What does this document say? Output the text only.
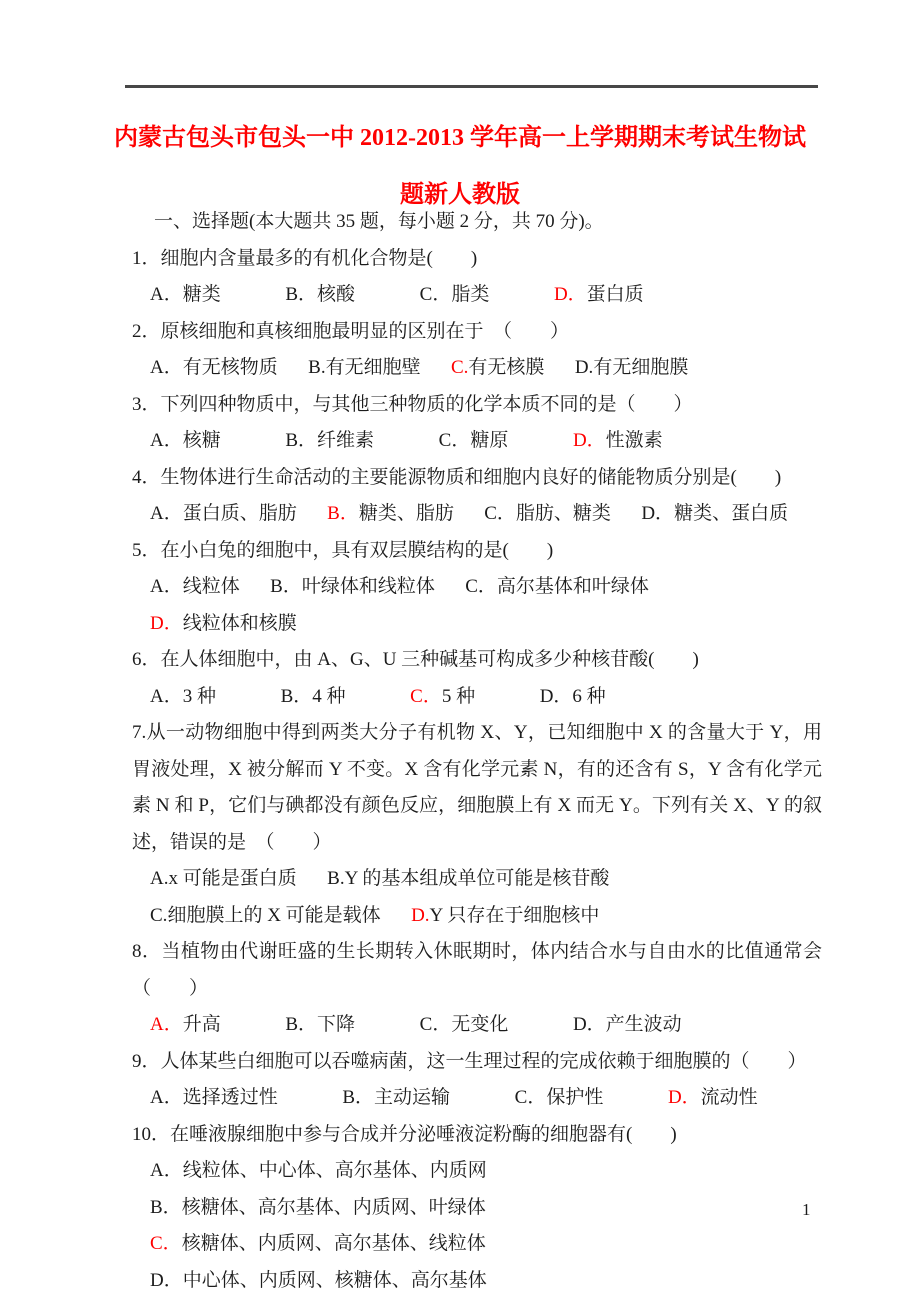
内蒙古包头市包头一中 2012-2013 学年高一上学期期末考试生物试
题新人教版
一、选择题(本大题共 35 题，每小题 2 分，共 70 分)。
1．细胞内含量最多的有机化合物是(　　)
A．糖类	B．核酸	C．脂类	D．蛋白质
2．原核细胞和真核细胞最明显的区别在于　（　　）
A．有无核物质 B.有无细胞壁 C.有无核膜 D.有无细胞膜
3．下列四种物质中，与其他三种物质的化学本质不同的是（　　）
A．核糖	B．纤维素	C．糖原	D．性激素
4．生物体进行生命活动的主要能源物质和细胞内良好的储能物质分别是(　　)
A．蛋白质、脂肪 B．糖类、脂肪 C．脂肪、糖类 D．糖类、蛋白质
5．在小白兔的细胞中，具有双层膜结构的是(　　)
A．线粒体 B．叶绿体和线粒体 C．高尔基体和叶绿体
D．线粒体和核膜
6．在人体细胞中，由 A、G、U 三种碱基可构成多少种核苷酸(　　)
A．3 种	B．4 种	C．5 种	D．6 种
7.从一动物细胞中得到两类大分子有机物 X、Y，已知细胞中 X 的含量大于 Y，用胃液处理，X 被分解而 Y 不变。X 含有化学元素 N，有的还含有 S，Y 含有化学元素 N 和 P，它们与碘都没有颜色反应，细胞膜上有 X 而无 Y。下列有关 X、Y 的叙述，错误的是　（　　）
A.x 可能是蛋白质 B.Y 的基本组成单位可能是核苷酸
C.细胞膜上的 X 可能是载体 D.Y 只存在于细胞核中
8．当植物由代谢旺盛的生长期转入休眠期时，体内结合水与自由水的比值通常会（　　）
A．升高	B．下降	C．无变化	D．产生波动
9．人体某些白细胞可以吞噬病菌，这一生理过程的完成依赖于细胞膜的（　　）
A．选择透过性	B．主动运输	C．保护性	D．流动性
10．在唾液腺细胞中参与合成并分泌唾液淀粉酶的细胞器有(　　)
A．线粒体、中心体、高尔基体、内质网
B．核糖体、高尔基体、内质网、叶绿体
C．核糖体、内质网、高尔基体、线粒体
D．中心体、内质网、核糖体、高尔基体
1
